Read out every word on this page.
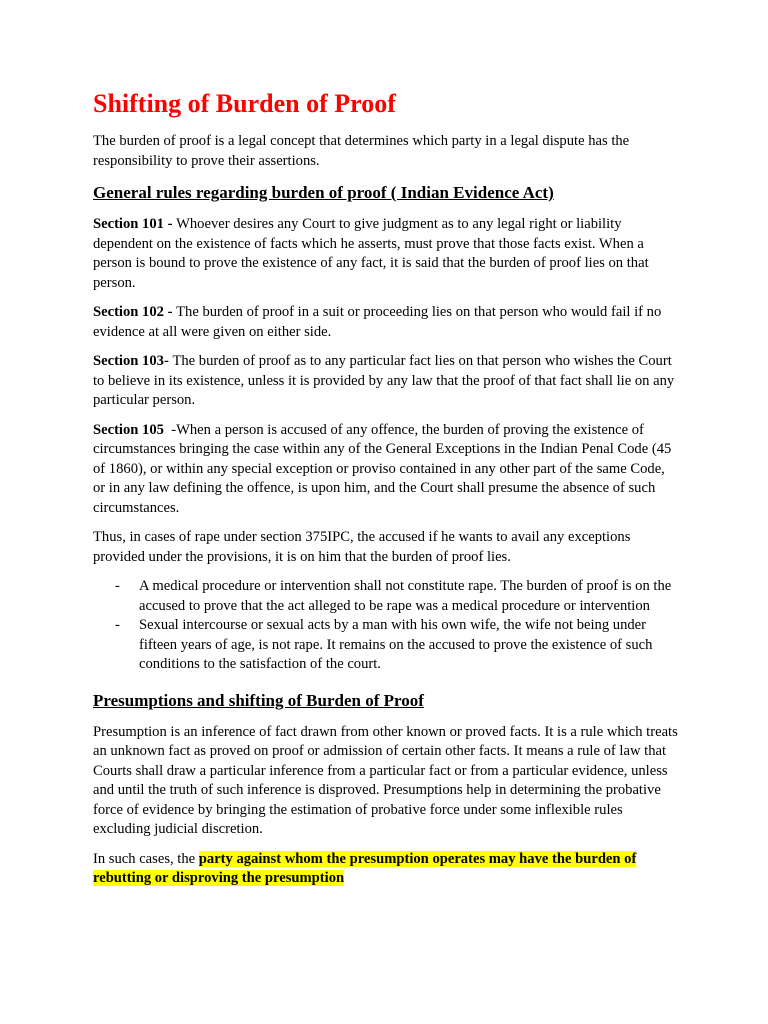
Shifting of Burden of Proof

The burden of proof is a legal concept that determines which party in a legal dispute has the responsibility to prove their assertions.

General rules regarding burden of proof ( Indian Evidence Act)

Section 101 - Whoever desires any Court to give judgment as to any legal right or liability dependent on the existence of facts which he asserts, must prove that those facts exist. When a person is bound to prove the existence of any fact, it is said that the burden of proof lies on that person.

Section 102 - The burden of proof in a suit or proceeding lies on that person who would fail if no evidence at all were given on either side.

Section 103- The burden of proof as to any particular fact lies on that person who wishes the Court to believe in its existence, unless it is provided by any law that the proof of that fact shall lie on any particular person.

Section 105  -When a person is accused of any offence, the burden of proving the existence of circumstances bringing the case within any of the General Exceptions in the Indian Penal Code (45 of 1860), or within any special exception or proviso contained in any other part of the same Code, or in any law defining the offence, is upon him, and the Court shall presume the absence of such circumstances.

Thus, in cases of rape under section 375IPC, the accused if he wants to avail any exceptions provided under the provisions, it is on him that the burden of proof lies.

- A medical procedure or intervention shall not constitute rape. The burden of proof is on the accused to prove that the act alleged to be rape was a medical procedure or intervention
- Sexual intercourse or sexual acts by a man with his own wife, the wife not being under fifteen years of age, is not rape. It remains on the accused to prove the existence of such conditions to the satisfaction of the court.
Presumptions and shifting of Burden of Proof

Presumption is an inference of fact drawn from other known or proved facts. It is a rule which treats an unknown fact as proved on proof or admission of certain other facts. It means a rule of law that Courts shall draw a particular inference from a particular fact or from a particular evidence, unless and until the truth of such inference is disproved. Presumptions help in determining the probative force of evidence by bringing the estimation of probative force under some inflexible rules excluding judicial discretion.

In such cases, the party against whom the presumption operates may have the burden of rebutting or disproving the presumption
